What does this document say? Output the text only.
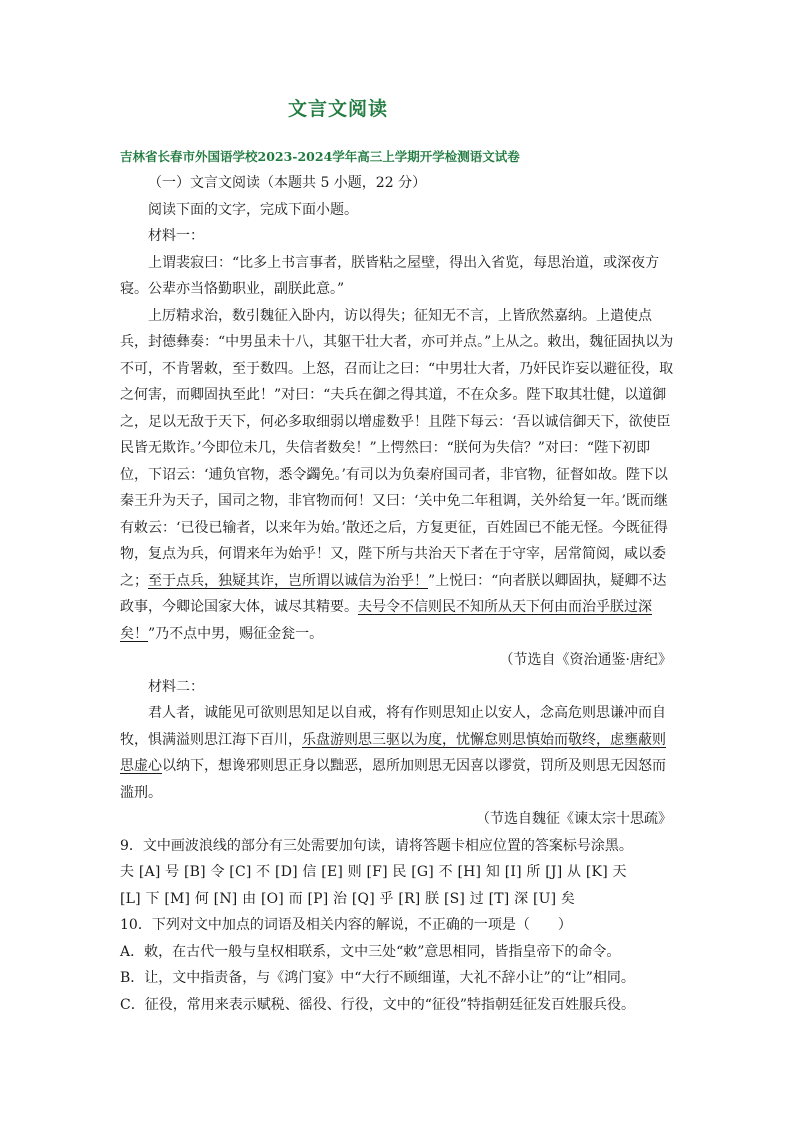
文言文阅读
吉林省长春市外国语学校2023-2024学年高三上学期开学检测语文试卷

（一）文言文阅读（本题共 5 小题，22 分）

阅读下面的文字，完成下面小题。

材料一：

上谓裴寂曰：“比多上书言事者，朕皆粘之屋壁，得出入省览，每思治道，或深夜方寝。公辈亦当恪勤职业，副朕此意。”

上厉精求治，数引魏征入卧内，访以得失；征知无不言，上皆欣然嘉纳。上遣使点兵，封德彝奏：“中男虽未十八，其躯干壮大者，亦可并点。”上从之。敕出，魏征固执以为不可，不肯署敕，至于数四。上怒，召而让之曰：“中男壮大者，乃奸民诈妄以避征役，取之何害，而卿固执至此！”对曰：“夫兵在御之得其道，不在众多。陛下取其壮健，以道御之，足以无敌于天下，何必多取细弱以增虚数乎！且陛下每云：‘吾以诚信御天下，欲使臣民皆无欺诈。’今即位未几，失信者数矣！”上愕然曰：“朕何为失信？”对曰：“陛下初即位，下诏云：‘逋负官物，悉令蠲免。’有司以为负秦府国司者，非官物，征督如故。陛下以秦王升为天子，国司之物，非官物而何！又曰：‘关中免二年租调，关外给复一年。’既而继有敕云：‘已役已输者，以来年为始。’散还之后，方复更征，百姓固已不能无怪。今既征得物，复点为兵，何谓来年为始乎！又，陛下所与共治天下者在于守宰，居常简阅，咸以委之；至于点兵，独疑其诈，岂所谓以诚信为治乎！”上悦曰：“向者朕以卿固执，疑卿不达政事，今卿论国家大体，诚尽其精要。夫号令不信则民不知所从天下何由而治乎朕过深矣！”乃不点中男，赐征金瓮一。

（节选自《资治通鉴·唐纪》

材料二：

君人者，诚能见可欲则思知足以自戒，将有作则思知止以安人，念高危则思谦冲而自牧，惧满溢则思江海下百川，乐盘游则思三驱以为度，忧懈怠则思慎始而敬终，虑壅蔽则思虚心以纳下，想谗邪则思正身以黜恶，恩所加则思无因喜以谬赏，罚所及则思无因怒而滥刑。

（节选自魏征《谏太宗十思疏》

9．文中画波浪线的部分有三处需要加句读，请将答题卡相应位置的答案标号涂黑。

夫 [A] 号 [B] 令 [C] 不 [D] 信 [E] 则 [F] 民 [G] 不 [H] 知 [I] 所 [J] 从 [K] 天

[L] 下 [M] 何 [N] 由 [O] 而 [P] 治 [Q] 乎 [R] 朕 [S] 过 [T] 深 [U] 矣

10．下列对文中加点的词语及相关内容的解说，不正确的一项是（　　）

A．敕，在古代一般与皇权相联系，文中三处“敕”意思相同，皆指皇帝下的命令。

B．让，文中指责备，与《鸿门宴》中“大行不顾细谨，大礼不辞小让”的“让”相同。

C．征役，常用来表示赋税、徭役、行役，文中的“征役”特指朝廷征发百姓服兵役。
